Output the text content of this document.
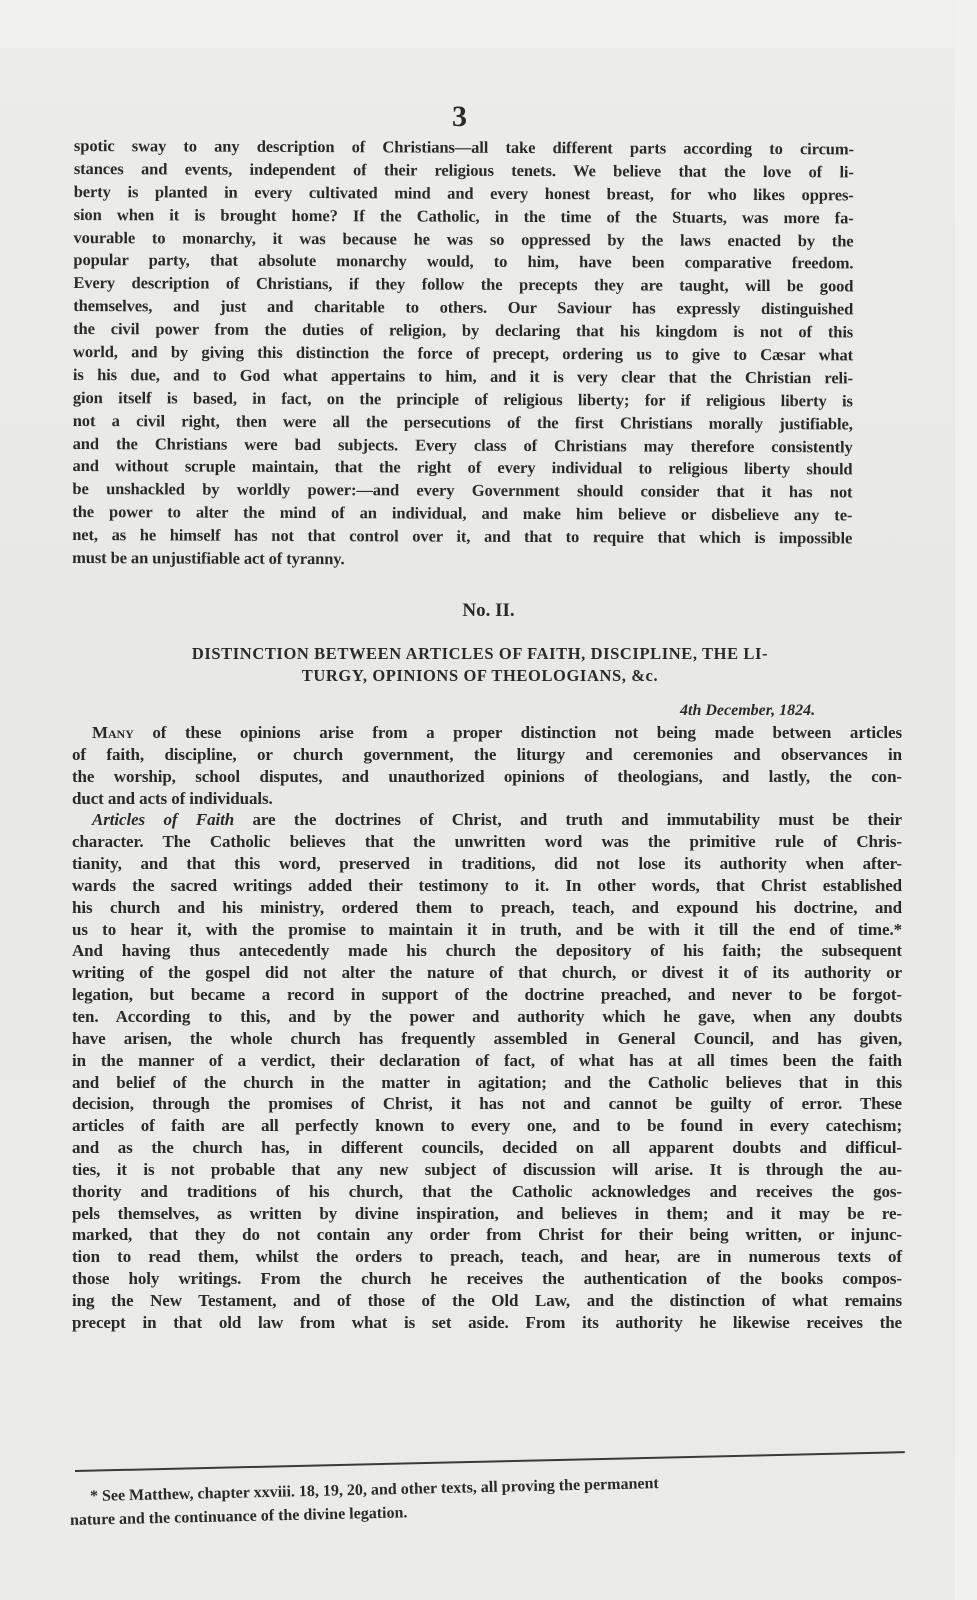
3
spotic sway to any description of Christians—all take different parts according to circum-
stances and events, independent of their religious tenets. We believe that the love of li-
berty is planted in every cultivated mind and every honest breast, for who likes oppres-
sion when it is brought home? If the Catholic, in the time of the Stuarts, was more fa-
vourable to monarchy, it was because he was so oppressed by the laws enacted by the
popular party, that absolute monarchy would, to him, have been comparative freedom.
Every description of Christians, if they follow the precepts they are taught, will be good
themselves, and just and charitable to others. Our Saviour has expressly distinguished
the civil power from the duties of religion, by declaring that his kingdom is not of this
world, and by giving this distinction the force of precept, ordering us to give to Cæsar what
is his due, and to God what appertains to him, and it is very clear that the Christian reli-
gion itself is based, in fact, on the principle of religious liberty; for if religious liberty is
not a civil right, then were all the persecutions of the first Christians morally justifiable,
and the Christians were bad subjects. Every class of Christians may therefore consistently
and without scruple maintain, that the right of every individual to religious liberty should
be unshackled by worldly power:—and every Government should consider that it has not
the power to alter the mind of an individual, and make him believe or disbelieve any te-
net, as he himself has not that control over it, and that to require that which is impossible
must be an unjustifiable act of tyranny.
No. II.
DISTINCTION BETWEEN ARTICLES OF FAITH, DISCIPLINE, THE LI-
TURGY, OPINIONS OF THEOLOGIANS, &c.
4th December, 1824.
Many of these opinions arise from a proper distinction not being made between articles
of faith, discipline, or church government, the liturgy and ceremonies and observances in
the worship, school disputes, and unauthorized opinions of theologians, and lastly, the con-
duct and acts of individuals.
Articles of Faith are the doctrines of Christ, and truth and immutability must be their
character. The Catholic believes that the unwritten word was the primitive rule of Chris-
tianity, and that this word, preserved in traditions, did not lose its authority when after-
wards the sacred writings added their testimony to it. In other words, that Christ established
his church and his ministry, ordered them to preach, teach, and expound his doctrine, and
us to hear it, with the promise to maintain it in truth, and be with it till the end of time.*
And having thus antecedently made his church the depository of his faith; the subsequent
writing of the gospel did not alter the nature of that church, or divest it of its authority or
legation, but became a record in support of the doctrine preached, and never to be forgot-
ten. According to this, and by the power and authority which he gave, when any doubts
have arisen, the whole church has frequently assembled in General Council, and has given,
in the manner of a verdict, their declaration of fact, of what has at all times been the faith
and belief of the church in the matter in agitation; and the Catholic believes that in this
decision, through the promises of Christ, it has not and cannot be guilty of error. These
articles of faith are all perfectly known to every one, and to be found in every catechism;
and as the church has, in different councils, decided on all apparent doubts and difficul-
ties, it is not probable that any new subject of discussion will arise. It is through the au-
thority and traditions of his church, that the Catholic acknowledges and receives the gos-
pels themselves, as written by divine inspiration, and believes in them; and it may be re-
marked, that they do not contain any order from Christ for their being written, or injunc-
tion to read them, whilst the orders to preach, teach, and hear, are in numerous texts of
those holy writings. From the church he receives the authentication of the books compos-
ing the New Testament, and of those of the Old Law, and the distinction of what remains
precept in that old law from what is set aside. From its authority he likewise receives the
* See Matthew, chapter xxviii. 18, 19, 20, and other texts, all proving the permanent
nature and the continuance of the divine legation.
